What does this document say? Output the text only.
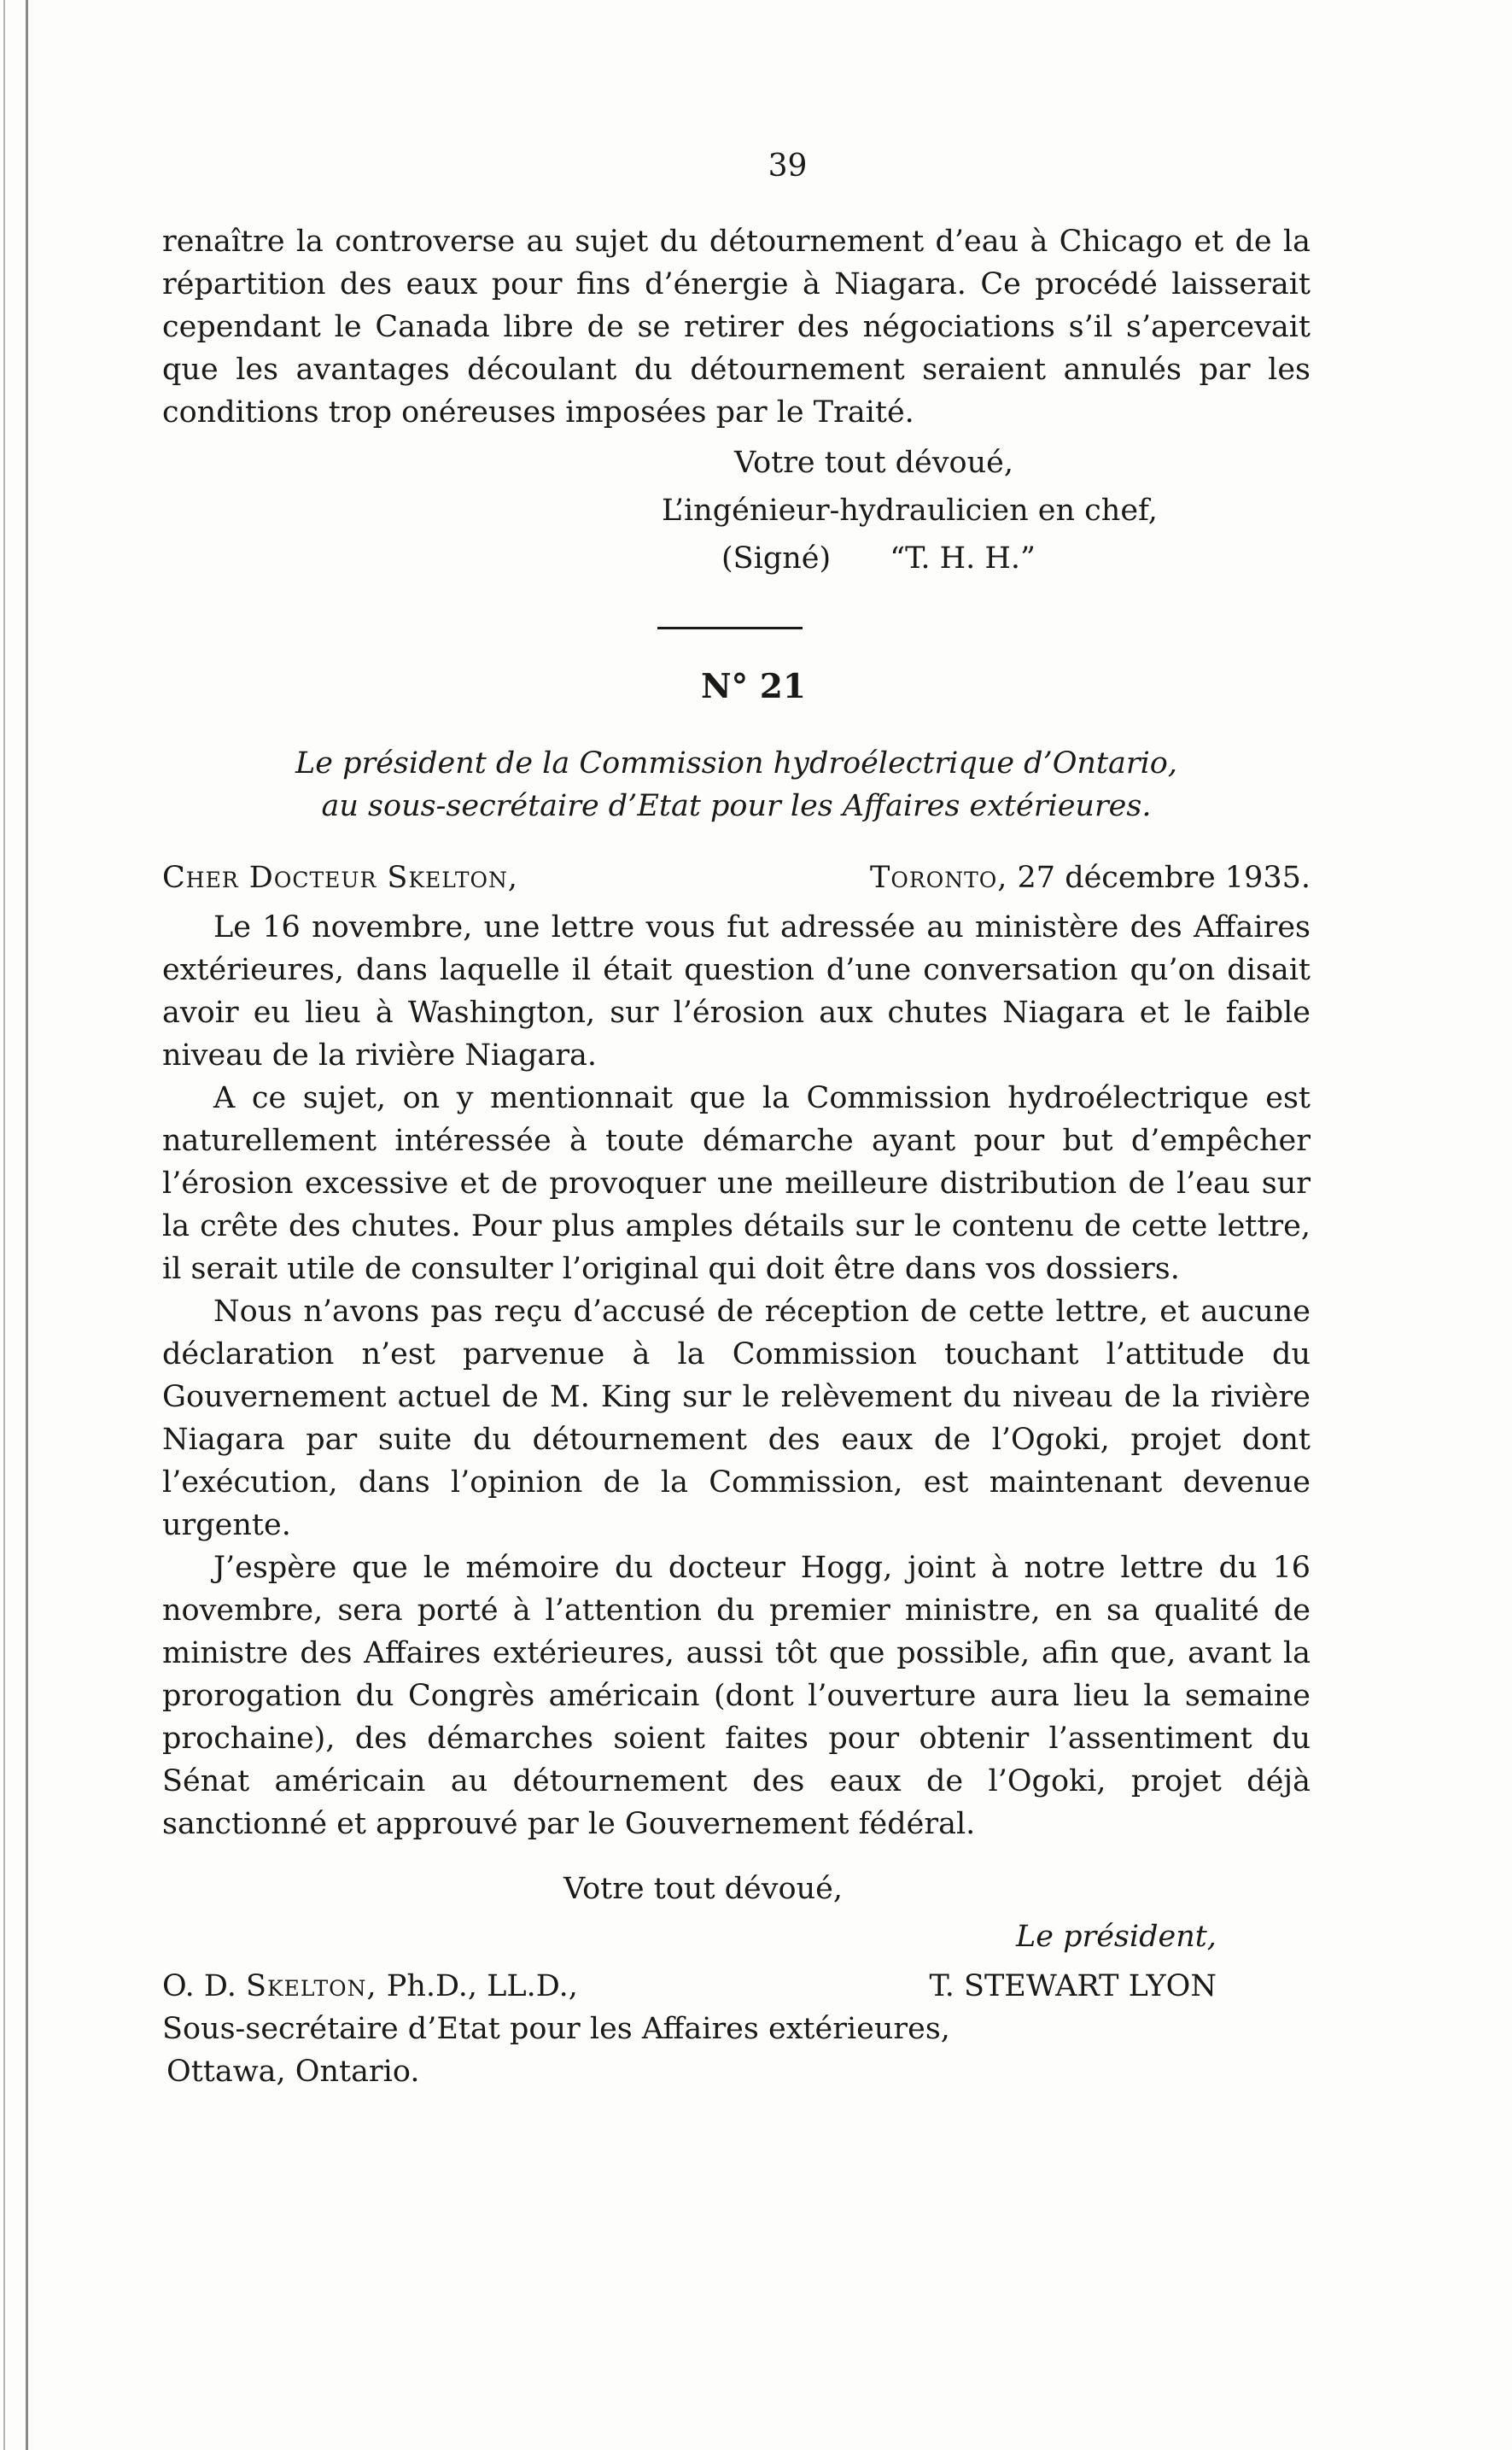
39

renaître la controverse au sujet du détournement d’eau à Chicago et de la répartition des eaux pour fins d’énergie à Niagara. Ce procédé laisserait cependant le Canada libre de se retirer des négociations s’il s’apercevait que les avantages découlant du détournement seraient annulés par les conditions trop onéreuses imposées par le Traité.

Votre tout dévoué,
L’ingénieur-hydraulicien en chef,
(Signé) “T. H. H.”
N° 21
Le président de la Commission hydroélectrique d’Ontario,
au sous-secrétaire d’Etat pour les Affaires extérieures.
Cher Docteur Skelton,	Toronto, 27 décembre 1935.

Le 16 novembre, une lettre vous fut adressée au ministère des Affaires extérieures, dans laquelle il était question d’une conversation qu’on disait avoir eu lieu à Washington, sur l’érosion aux chutes Niagara et le faible niveau de la rivière Niagara.

A ce sujet, on y mentionnait que la Commission hydroélectrique est naturellement intéressée à toute démarche ayant pour but d’empêcher l’érosion excessive et de provoquer une meilleure distribution de l’eau sur la crête des chutes. Pour plus amples détails sur le contenu de cette lettre, il serait utile de consulter l’original qui doit être dans vos dossiers.

Nous n’avons pas reçu d’accusé de réception de cette lettre, et aucune déclaration n’est parvenue à la Commission touchant l’attitude du Gouvernement actuel de M. King sur le relèvement du niveau de la rivière Niagara par suite du détournement des eaux de l’Ogoki, projet dont l’exécution, dans l’opinion de la Commission, est maintenant devenue urgente.

J’espère que le mémoire du docteur Hogg, joint à notre lettre du 16 novembre, sera porté à l’attention du premier ministre, en sa qualité de ministre des Affaires extérieures, aussi tôt que possible, afin que, avant la prorogation du Congrès américain (dont l’ouverture aura lieu la semaine prochaine), des démarches soient faites pour obtenir l’assentiment du Sénat américain au détournement des eaux de l’Ogoki, projet déjà sanctionné et approuvé par le Gouvernement fédéral.

Votre tout dévoué,
Le président,
O. D. Skelton, Ph.D., LL.D.,	T. STEWART LYON
Sous-secrétaire d’Etat pour les Affaires extérieures,
Ottawa, Ontario.
